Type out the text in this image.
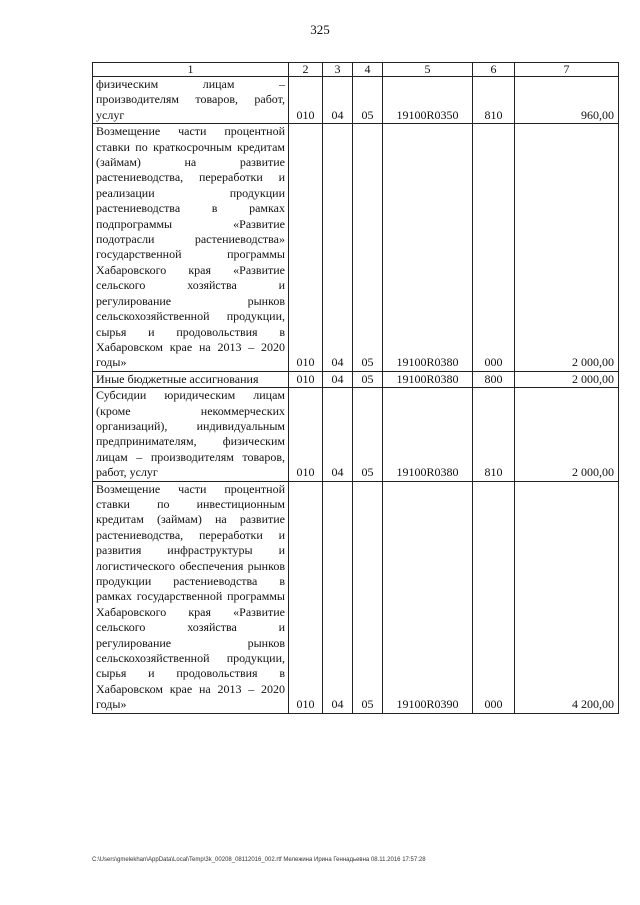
325
1	2	3	4	5	6	7
физическим лицам – производителям товаров, работ, услуг	010	04	05	19100R0350	810	960,00
Возмещение части процентной ставки по краткосрочным кредитам (займам) на развитие растениеводства, переработки и реализации продукции растениеводства в рамках подпрограммы «Развитие подотрасли растениеводства» государственной программы Хабаровского края «Развитие сельского хозяйства и регулирование рынков сельскохозяйственной продукции, сырья и продовольствия в Хабаровском крае на 2013 – 2020 годы»	010	04	05	19100R0380	000	2 000,00
Иные бюджетные ассигнования	010	04	05	19100R0380	800	2 000,00
Субсидии юридическим лицам (кроме некоммерческих организаций), индивидуальным предпринимателям, физическим лицам – производителям товаров, работ, услуг	010	04	05	19100R0380	810	2 000,00
Возмещение части процентной ставки по инвестиционным кредитам (займам) на развитие растениеводства, переработки и развития инфраструктуры и логистического обеспечения рынков продукции растениеводства в рамках государственной программы Хабаровского края «Развитие сельского хозяйства и регулирование рынков сельскохозяйственной продукции, сырья и продовольствия в Хабаровском крае на 2013 – 2020 годы»	010	04	05	19100R0390	000	4 200,00
C:\Users\gmelekhan\AppData\Local\Temp\3k_00208_08112016_002.rtf Мележина Ирина Геннадьевна 08.11.2016 17:57:28
